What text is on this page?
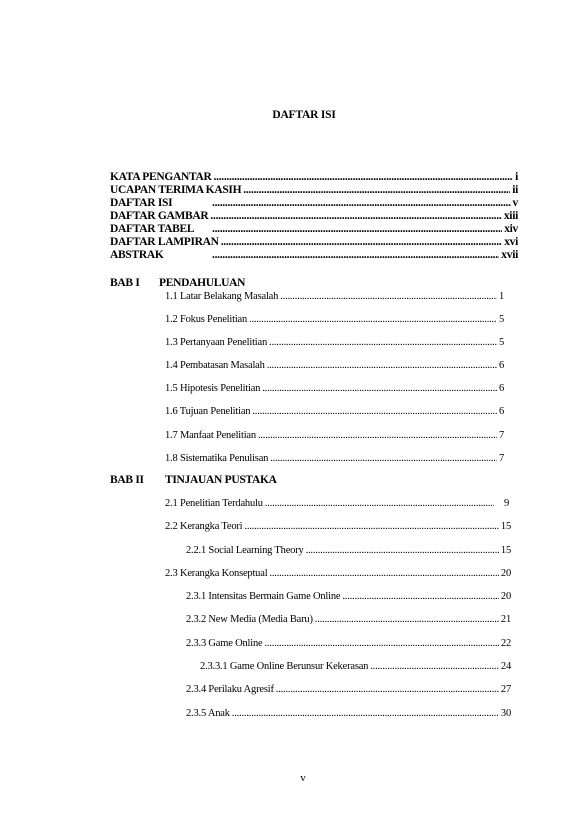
DAFTAR ISI
KATA PENGANTAR .....	i
UCAPAN TERIMA KASIH .....	ii
DAFTAR ISI .....	v
DAFTAR GAMBAR .....	xiii
DAFTAR TABEL .....	xiv
DAFTAR LAMPIRAN .....	xvi
ABSTRAK .....	xvii
BAB I PENDAHULUAN
1.1 Latar Belakang Masalah .....	1
1.2 Fokus Penelitian .....	5
1.3 Pertanyaan Penelitian .....	5
1.4 Pembatasan Masalah .....	6
1.5 Hipotesis Penelitian .....	6
1.6 Tujuan Penelitian .....	6
1.7 Manfaat Penelitian .....	7
1.8 Sistematika Penulisan .....	7
BAB II TINJAUAN PUSTAKA
2.1 Penelitian Terdahulu .....	9
2.2 Kerangka Teori .....	15
2.2.1 Social Learning Theory .....	15
2.3 Kerangka Konseptual .....	20
2.3.1 Intensitas Bermain Game Online .....	20
2.3.2 New Media (Media Baru) .....	21
2.3.3 Game Online .....	22
2.3.3.1 Game Online Berunsur Kekerasan .....	24
2.3.4 Perilaku Agresif .....	27
2.3.5 Anak .....	30
v
